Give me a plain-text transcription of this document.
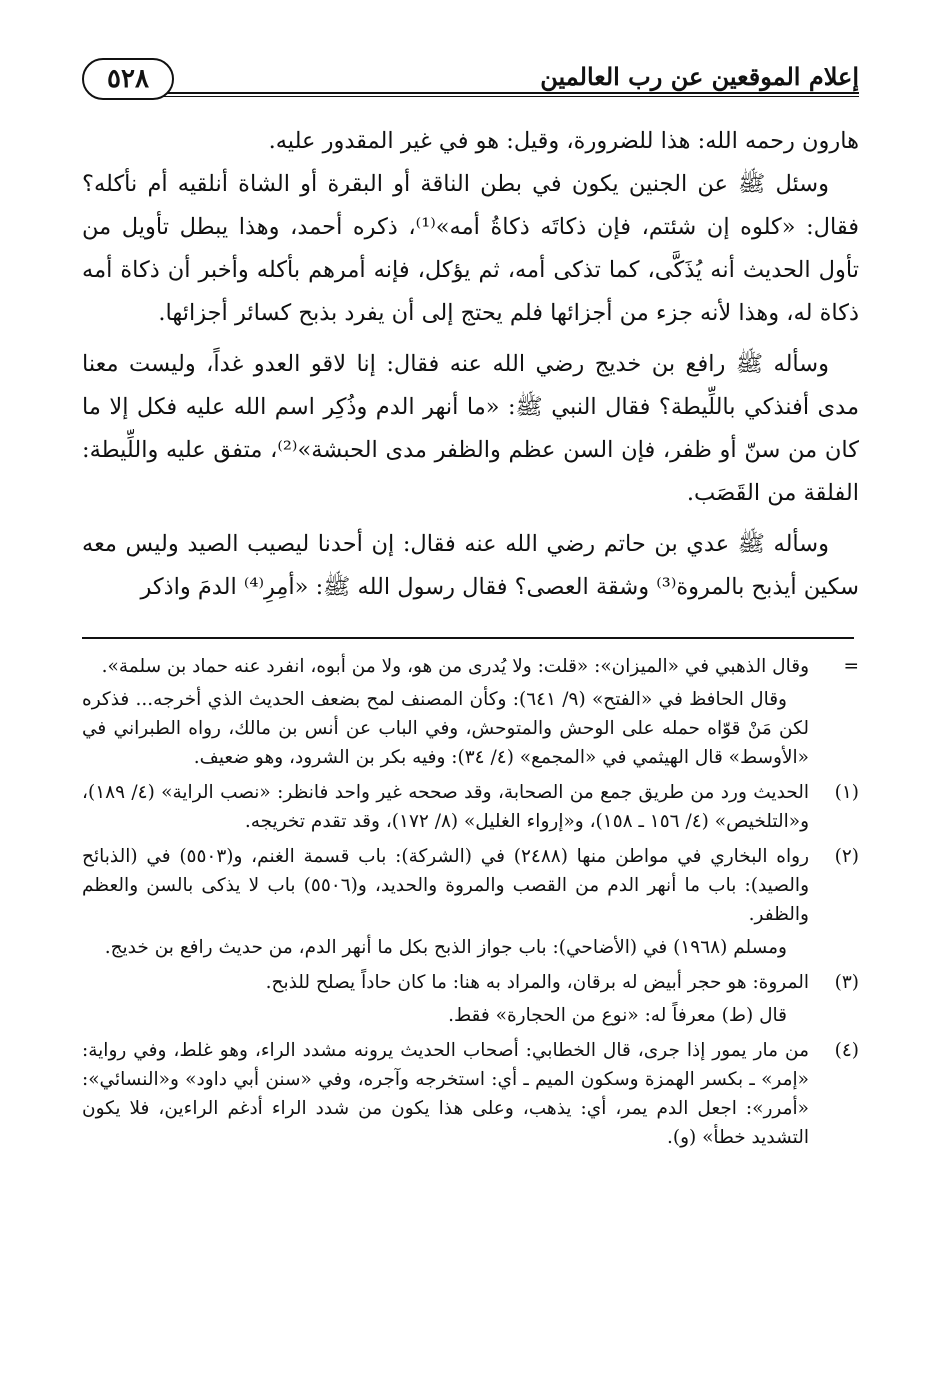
إعلام الموقعين عن رب العالمين
٥٢٨

هارون رحمه الله: هذا للضرورة، وقيل: هو في غير المقدور عليه.

وسئل ﷺ عن الجنين يكون في بطن الناقة أو البقرة أو الشاة أنلقيه أم نأكله؟ فقال: «كلوه إن شئتم، فإن ذكاتَه ذكاةُ أمه»⁽¹⁾، ذكره أحمد، وهذا يبطل تأويل من تأول الحديث أنه يُذَكَّى، كما تذكى أمه، ثم يؤكل، فإنه أمرهم بأكله وأخبر أن ذكاة أمه ذكاة له، وهذا لأنه جزء من أجزائها فلم يحتج إلى أن يفرد بذبح كسائر أجزائها.

وسأله ﷺ رافع بن خديج رضي الله عنه فقال: إنا لاقو العدو غداً، وليست معنا مدى أفنذكي باللِّيطة؟ فقال النبي ﷺ: «ما أنهر الدم وذُكِر اسم الله عليه فكل إلا ما كان من سنّ أو ظفر، فإن السن عظم والظفر مدى الحبشة»⁽²⁾، متفق عليه واللِّيطة: الفلقة من القَصَب.

وسأله ﷺ عدي بن حاتم رضي الله عنه فقال: إن أحدنا ليصيب الصيد وليس معه سكين أيذبح بالمروة⁽³⁾ وشقة العصى؟ فقال رسول الله ﷺ: «أمِرِ⁽⁴⁾ الدمَ واذكر

=

وقال الذهبي في «الميزان»: «قلت: ولا يُدرى من هو، ولا من أبوه، انفرد عنه حماد بن سلمة».

وقال الحافظ في «الفتح» (٩/ ٦٤١): وكأن المصنف لمح بضعف الحديث الذي أخرجه... فذكره لكن مَنْ قوّاه حمله على الوحش والمتوحش، وفي الباب عن أنس بن مالك، رواه الطبراني في «الأوسط» قال الهيثمي في «المجمع» (٤/ ٣٤): وفيه بكر بن الشرود، وهو ضعيف.

(١)

الحديث ورد من طريق جمع من الصحابة، وقد صححه غير واحد فانظر: «نصب الراية» (٤/ ١٨٩)، و«التلخيص» (٤/ ١٥٦ ـ ١٥٨)، و«إرواء الغليل» (٨/ ١٧٢)، وقد تقدم تخريجه.

(٢)

رواه البخاري في مواطن منها (٢٤٨٨) في (الشركة): باب قسمة الغنم، و(٥٥٠٣) في (الذبائح والصيد): باب ما أنهر الدم من القصب والمروة والحديد، و(٥٥٠٦) باب لا يذكى بالسن والعظم والظفر.

ومسلم (١٩٦٨) في (الأضاحي): باب جواز الذبح بكل ما أنهر الدم، من حديث رافع بن خديج.

(٣)

المروة: هو حجر أبيض له برقان، والمراد به هنا: ما كان حاداً يصلح للذبح.

قال (ط) معرفاً له: «نوع من الحجارة» فقط.

(٤)

من مار يمور إذا جرى، قال الخطابي: أصحاب الحديث يرونه مشدد الراء، وهو غلط، وفي رواية: «إمر» ـ بكسر الهمزة وسكون الميم ـ أي: استخرجه وآجره، وفي «سنن أبي داود» و«النسائي»: «أمرر»: اجعل الدم يمر، أي: يذهب، وعلى هذا يكون من شدد الراء أدغم الراءين، فلا يكون التشديد خطأ» (و).
